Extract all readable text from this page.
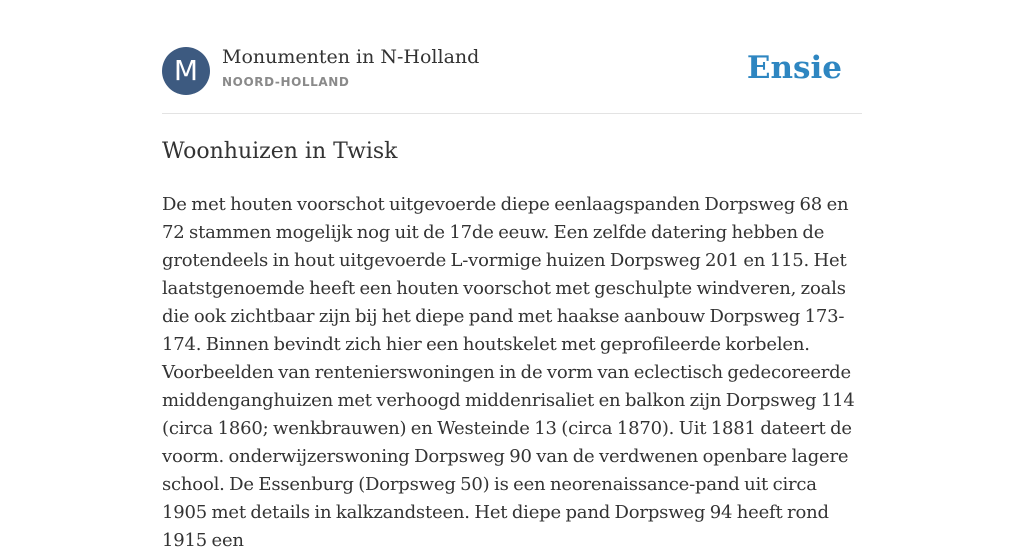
M	Monumenten in N-Holland
NOORD-HOLLAND	Ensie
Woonhuizen in Twisk

De met houten voorschot uitgevoerde diepe eenlaagspanden Dorpsweg 68 en 72 stammen mogelijk nog uit de 17de eeuw. Een zelfde datering hebben de grotendeels in hout uitgevoerde L-vormige huizen Dorpsweg 201 en 115. Het laatstgenoemde heeft een houten voorschot met geschulpte windveren, zoals die ook zichtbaar zijn bij het diepe pand met haakse aanbouw Dorpsweg 173-174. Binnen bevindt zich hier een houtskelet met geprofileerde korbelen. Voorbeelden van rentenierswoningen in de vorm van eclectisch gedecoreerde middenganghuizen met verhoogd middenrisaliet en balkon zijn Dorpsweg 114 (circa 1860; wenkbrauwen) en Westeinde 13 (circa 1870). Uit 1881 dateert de voorm. onderwijzerswoning Dorpsweg 90 van de verdwenen openbare lagere school. De Essenburg (Dorpsweg 50) is een neorenaissance-pand uit circa 1905 met details in kalkzandsteen. Het diepe pand Dorpsweg 94 heeft rond 1915 een
